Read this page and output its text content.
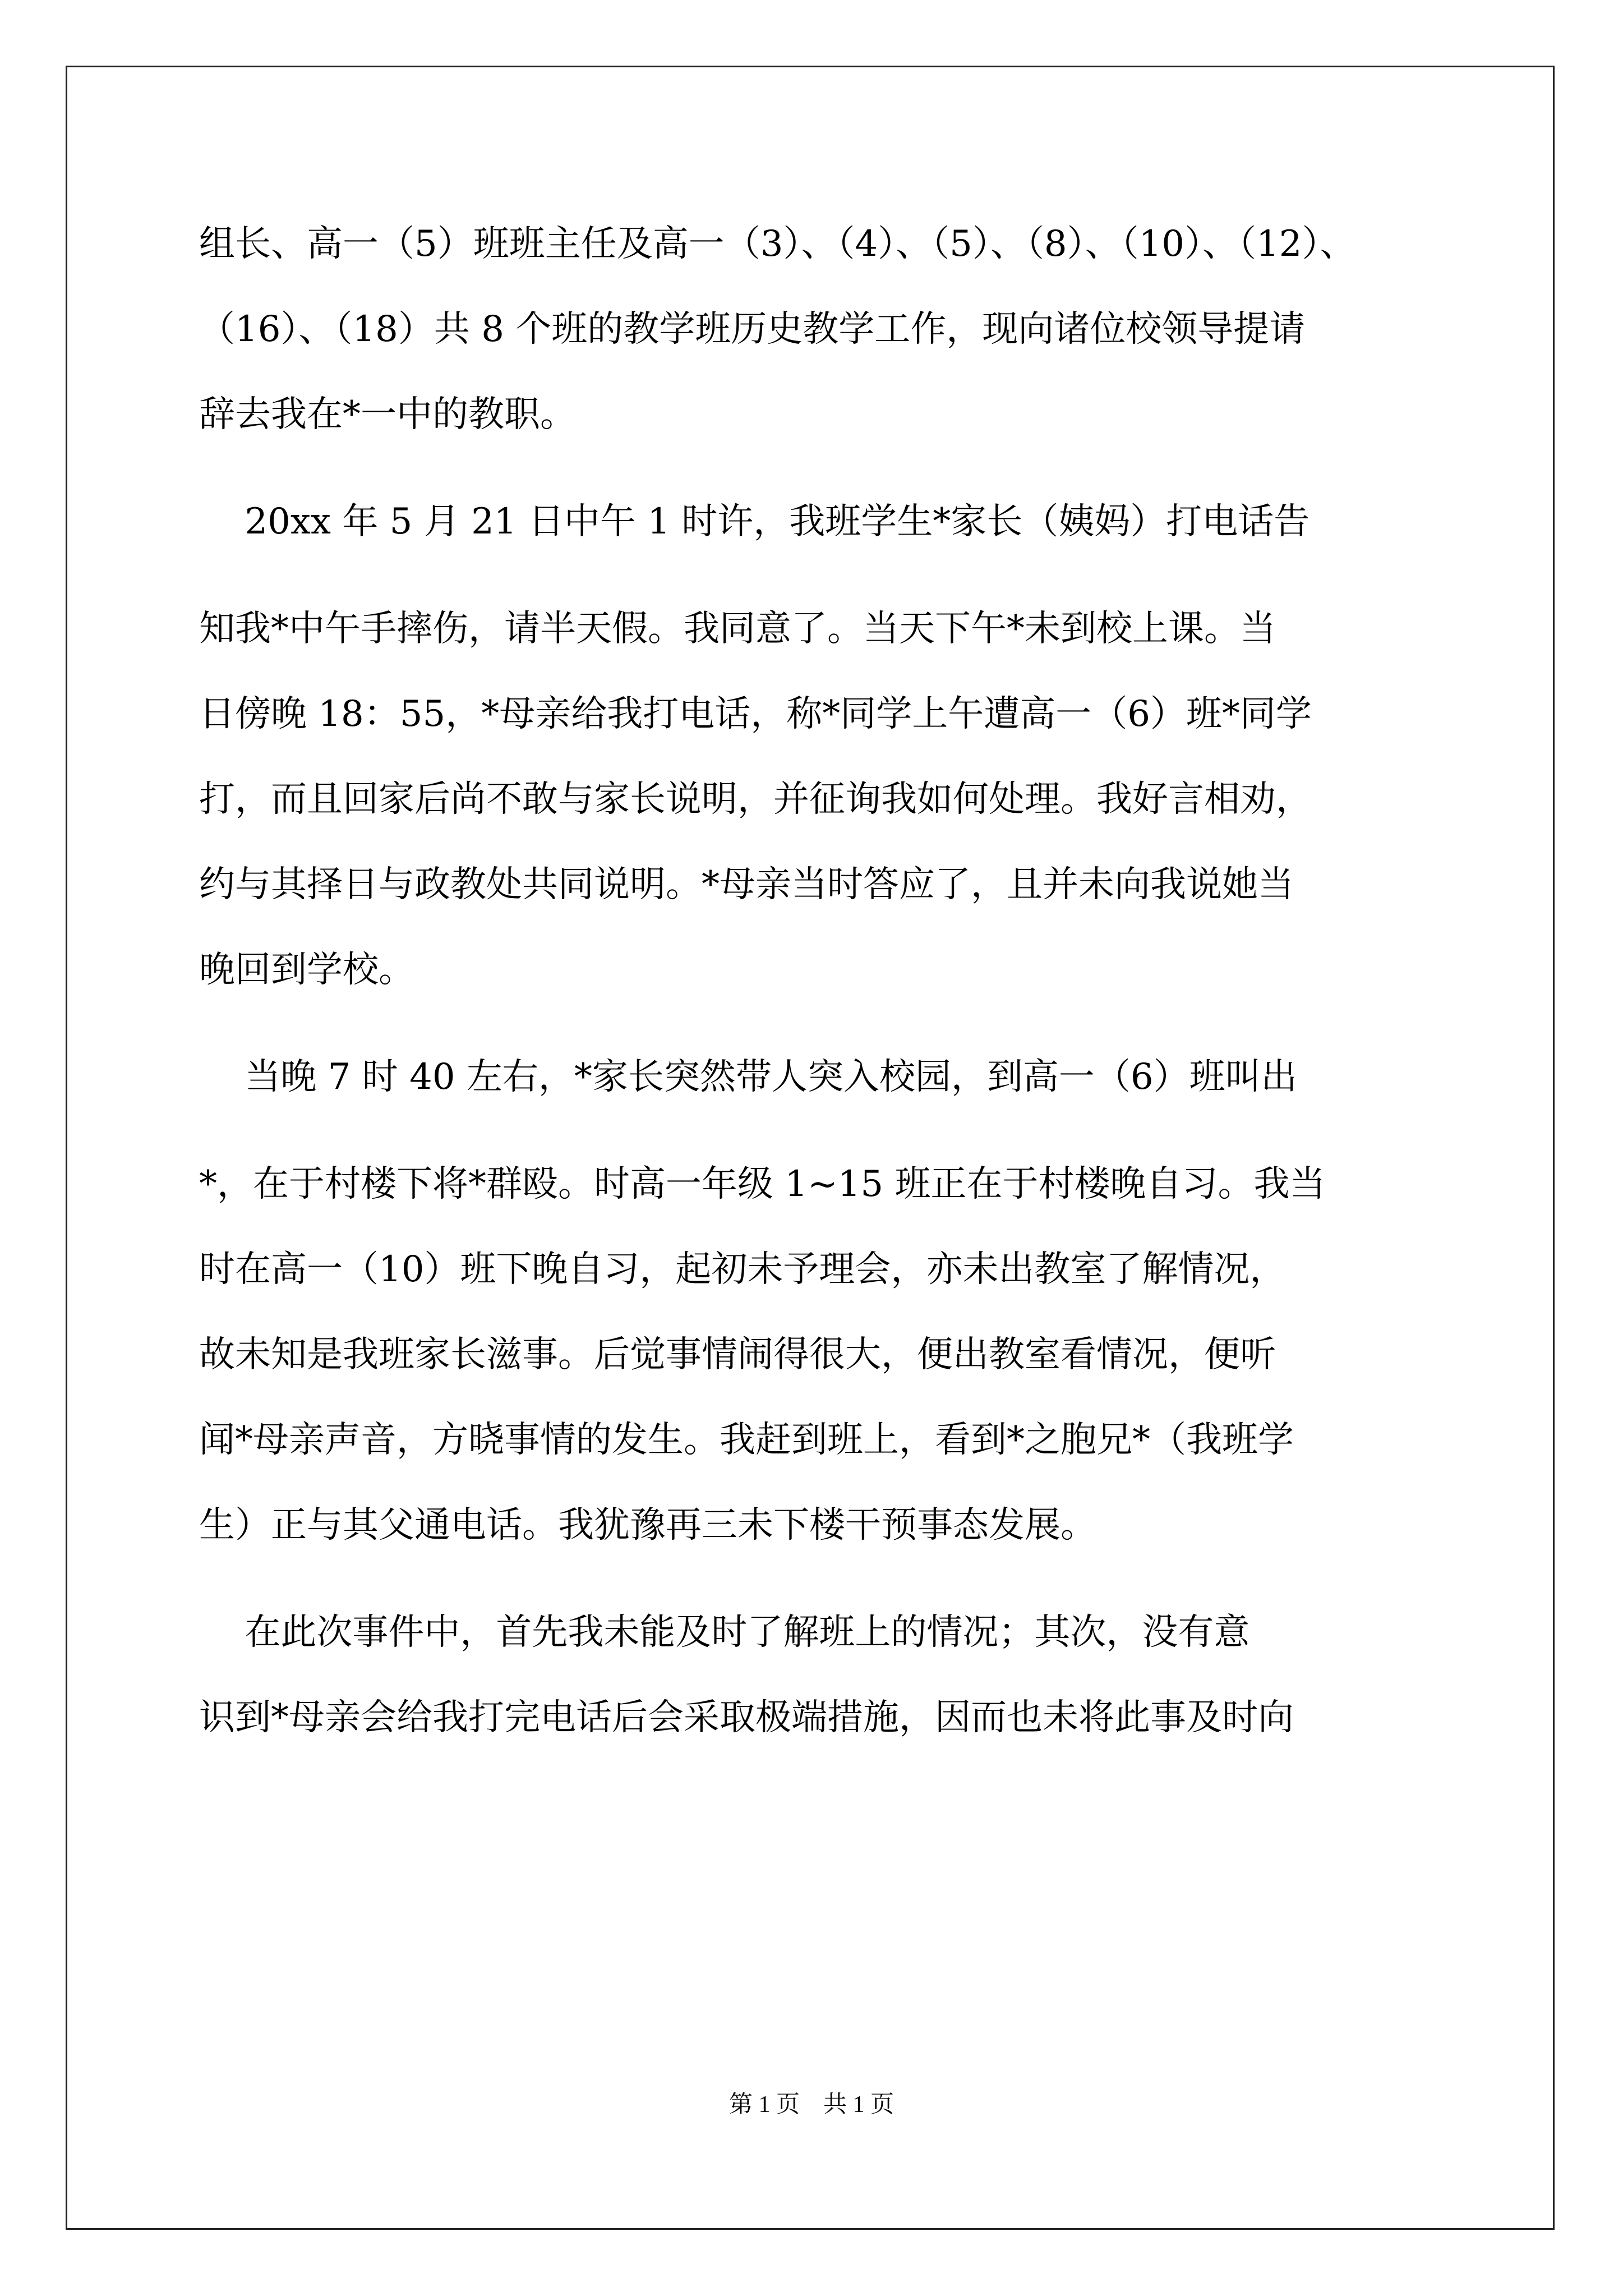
组长、高一（5）班班主任及高一（3）、（4）、（5）、（8）、（10）、（12）、
（16）、（18）共 8 个班的教学班历史教学工作，现向诸位校领导提请
辞去我在*一中的教职。
20xx 年 5 月 21 日中午 1 时许，我班学生*家长（姨妈）打电话告
知我*中午手摔伤，请半天假。我同意了。当天下午*未到校上课。当
日傍晚 18：55，*母亲给我打电话，称*同学上午遭高一（6）班*同学
打，而且回家后尚不敢与家长说明，并征询我如何处理。我好言相劝，
约与其择日与政教处共同说明。*母亲当时答应了，且并未向我说她当
晚回到学校。
当晚 7 时 40 左右，*家长突然带人突入校园，到高一（6）班叫出
*，在于村楼下将*群殴。时高一年级 1~15 班正在于村楼晚自习。我当
时在高一（10）班下晚自习，起初未予理会，亦未出教室了解情况，
故未知是我班家长滋事。后觉事情闹得很大，便出教室看情况，便听
闻*母亲声音，方晓事情的发生。我赶到班上，看到*之胞兄*（我班学
生）正与其父通电话。我犹豫再三未下楼干预事态发展。
在此次事件中，首先我未能及时了解班上的情况；其次，没有意
识到*母亲会给我打完电话后会采取极端措施，因而也未将此事及时向
第 1 页    共 1 页
